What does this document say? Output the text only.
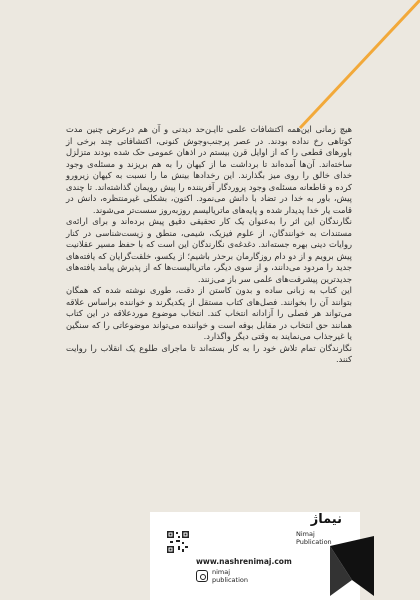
هیچ زمانی این‌همه اکتشافات علمی تاایـن‌حد دیدنی و آن هم درعرض چنین مدت کوتاهی رخ نداده بودند. در عصر پرجنب‌وجوش کنونی، اکتشافاتی چند برخی از باورهای قطعی را که از اوایل قرن بیستم در اذهان عمومی حک شده بودند متزلزل ساخته‌اند. آن‌ها آمده‌اند تا برداشت ما از کیهان را به هم بریزند و مسئله‌ی وجود خدای خالق را روی میز بگذارند. این رخدادها بینش ما را نسبت به کیهان زیرورو کرده و قاطعانه مسئله‌ی وجود پروردگار آفریننده را پیش رویمان گذاشته‌اند. تا چندی پیش، باور به خدا در تضاد با دانش می‌نمود. اکنون، بشکلی غیرمنتظره، دانش در قامت یار خدا پدیدار شده و پایه‌های ماتریالیسم روزبه‌روز سست‌تر می‌شوند.

نگارندگان این اثر را به‌عنوان یک کار تحقیقی دقیق پیش برده‌اند و برای ارائه‌ی مستندات به خوانندگان، از علوم فیزیک، شیمی، منطق و زیست‌شناسی در کنار روایات دینی بهره جسته‌اند. دغدغه‌ی نگارندگان این است که با حفظ مسیر عقلانیت پیش برویم و از دو دام روزگارمان برحذر باشیم؛ از یکسو، خلقت‌گرایان که یافته‌های جدید را مردود می‌دانند، و از سوی دیگر، ماتریالیست‌ها که از پذیرش پیامد یافته‌های جدیدترین پیشرفت‌های علمی سر باز می‌زنند.

این کتاب به زبانی ساده و بدون کاستن از دقت، طوری نوشته شده که همگان بتوانند آن را بخوانند. فصل‌های کتاب مستقل از یکدیگرند و خواننده براساس علاقه می‌تواند هر فصلی را آزادانه انتخاب کند. انتخاب موضوع موردعلاقه در این کتاب همانند حق انتخاب در مقابل بوفه است و خواننده می‌تواند موضوعاتی را که سنگین یا غیرجذاب می‌نمایند به وقتی دیگر واگذارد.

نگارندگان تمام تلاش خود را به کار بسته‌اند تا ماجرای طلوع یک انقلاب را روایت کنند.

www.nashrenimaj.com
nimaj
publication
نیماژ
Nimaj
Publication
